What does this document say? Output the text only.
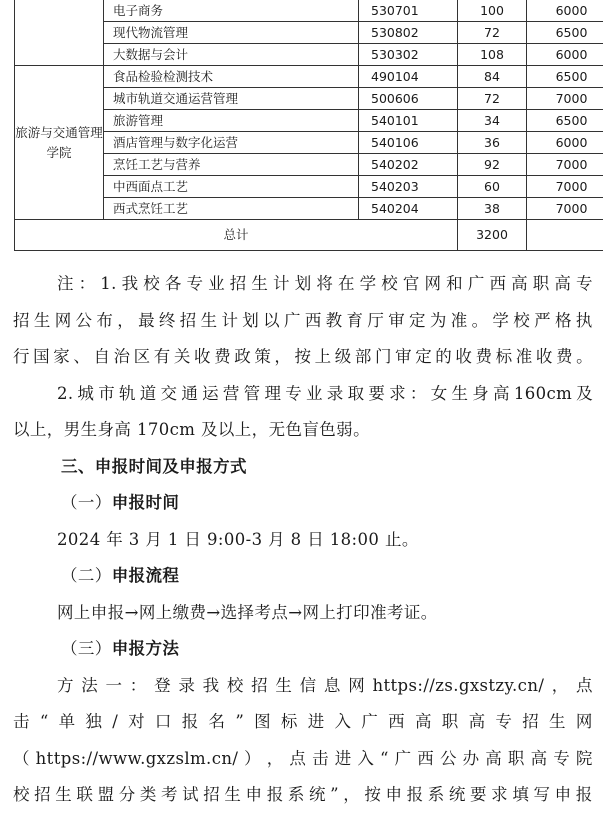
	电子商务	530701	100	6000
	现代物流管理	530802	72	6500
	大数据与会计	530302	108	6000
旅游与交通管理学院	食品检验检测技术	490104	84	6500
	城市轨道交通运营管理	500606	72	7000
	旅游管理	540101	34	6500
	酒店管理与数字化运营	540106	36	6000
	烹饪工艺与营养	540202	92	7000
	中西面点工艺	540203	60	7000
	西式烹饪工艺	540204	38	7000
总计			3200	

注 ： 1. 我 校 各 专 业 招 生 计 划 将 在 学 校 官 网 和 广 西 高 职 高 专

招 生 网 公 布 ， 最 终 招 生 计 划 以 广 西 教 育 厅 审 定 为 准 。 学 校 严 格 执

行 国 家 、 自 治 区 有 关 收 费 政 策 ， 按 上 级 部 门 审 定 的 收 费 标 准 收 费 。

2. 城 市 轨 道 交 通 运 营 管 理 专 业 录 取 要 求 ： 女 生 身 高 160cm 及

以上，男生身高 170cm 及以上，无色盲色弱。

三、申报时间及申报方式

（一）申报时间

2024 年 3 月 1 日 9:00-3 月 8 日 18:00 止。

（二）申报流程

网上申报→网上缴费→选择考点→网上打印准考证。

（三）申报方法

方 法 一 ： 登 录 我 校 招 生 信 息 网 https://zs.gxstzy.cn/ ， 点

击 “ 单 独 / 对 口 报 名 ” 图 标 进 入 广 西 高 职 高 专 招 生 网

（ https://www.gxzslm.cn/ ） ， 点 击 进 入 “ 广 西 公 办 高 职 高 专 院

校 招 生 联 盟 分 类 考 试 招 生 申 报 系 统 ” ， 按 申 报 系 统 要 求 填 写 申 报
